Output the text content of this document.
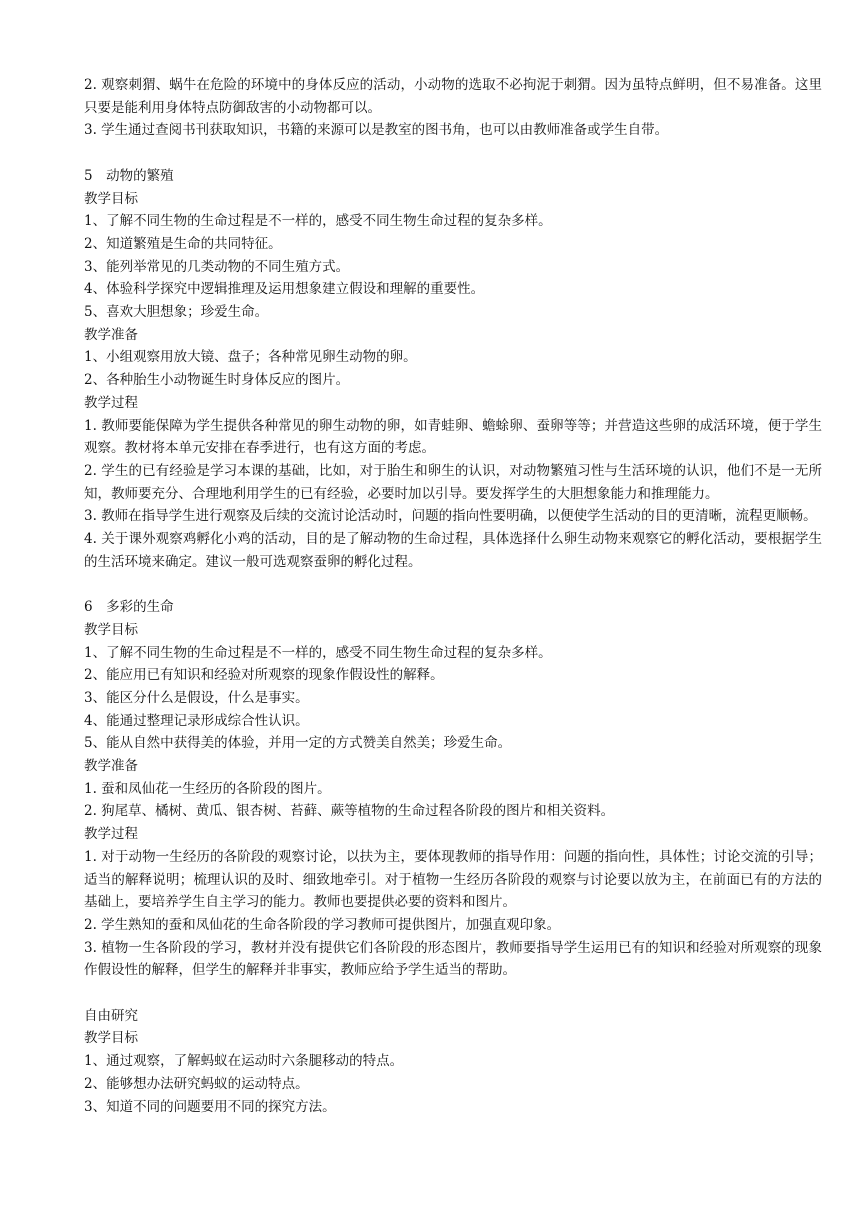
2. 观察刺猬、蜗牛在危险的环境中的身体反应的活动，小动物的选取不必拘泥于刺猬。因为虽特点鲜明，但不易准备。这里只要是能利用身体特点防御敌害的小动物都可以。
3. 学生通过查阅书刊获取知识，书籍的来源可以是教室的图书角，也可以由教师准备或学生自带。
5　动物的繁殖
教学目标
1、了解不同生物的生命过程是不一样的，感受不同生物生命过程的复杂多样。
2、知道繁殖是生命的共同特征。
3、能列举常见的几类动物的不同生殖方式。
4、体验科学探究中逻辑推理及运用想象建立假设和理解的重要性。
5、喜欢大胆想象；珍爱生命。
教学准备
1、小组观察用放大镜、盘子；各种常见卵生动物的卵。
2、各种胎生小动物诞生时身体反应的图片。
教学过程
1. 教师要能保障为学生提供各种常见的卵生动物的卵，如青蛙卵、蟾蜍卵、蚕卵等等；并营造这些卵的成活环境，便于学生观察。教材将本单元安排在春季进行，也有这方面的考虑。
2. 学生的已有经验是学习本课的基础，比如，对于胎生和卵生的认识，对动物繁殖习性与生活环境的认识，他们不是一无所知，教师要充分、合理地利用学生的已有经验，必要时加以引导。要发挥学生的大胆想象能力和推理能力。
3. 教师在指导学生进行观察及后续的交流讨论活动时，问题的指向性要明确，以便使学生活动的目的更清晰，流程更顺畅。
4. 关于课外观察鸡孵化小鸡的活动，目的是了解动物的生命过程，具体选择什么卵生动物来观察它的孵化活动，要根据学生的生活环境来确定。建议一般可选观察蚕卵的孵化过程。
6　多彩的生命
教学目标
1、了解不同生物的生命过程是不一样的，感受不同生物生命过程的复杂多样。
2、能应用已有知识和经验对所观察的现象作假设性的解释。
3、能区分什么是假设，什么是事实。
4、能通过整理记录形成综合性认识。
5、能从自然中获得美的体验，并用一定的方式赞美自然美；珍爱生命。
教学准备
1. 蚕和凤仙花一生经历的各阶段的图片。
2. 狗尾草、橘树、黄瓜、银杏树、苔藓、蕨等植物的生命过程各阶段的图片和相关资料。
教学过程
1. 对于动物一生经历的各阶段的观察讨论，以扶为主，要体现教师的指导作用：问题的指向性，具体性；讨论交流的引导；适当的解释说明；梳理认识的及时、细致地牵引。对于植物一生经历各阶段的观察与讨论要以放为主，在前面已有的方法的基础上，要培养学生自主学习的能力。教师也要提供必要的资料和图片。
2. 学生熟知的蚕和凤仙花的生命各阶段的学习教师可提供图片，加强直观印象。
3. 植物一生各阶段的学习，教材并没有提供它们各阶段的形态图片，教师要指导学生运用已有的知识和经验对所观察的现象作假设性的解释，但学生的解释并非事实，教师应给予学生适当的帮助。
自由研究
教学目标
1、通过观察，了解蚂蚁在运动时六条腿移动的特点。
2、能够想办法研究蚂蚁的运动特点。
3、知道不同的问题要用不同的探究方法。
